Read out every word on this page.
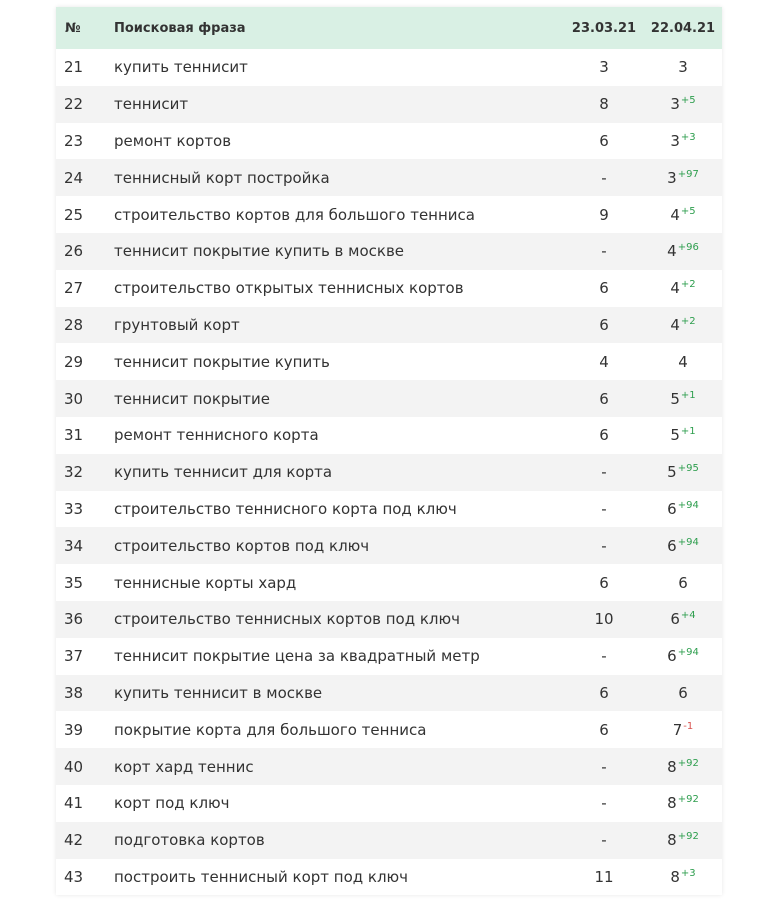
№	Поисковая фраза	23.03.21	22.04.21
21	купить теннисит	3	3
22	теннисит	8	$3^{+5}$
23	ремонт кортов	6	$3^{+3}$
24	теннисный корт постройка	-	$3^{+97}$
25	строительство кортов для большого тенниса	9	$4^{+5}$
26	теннисит покрытие купить в москве	-	$4^{+96}$
27	строительство открытых теннисных кортов	6	$4^{+2}$
28	грунтовый корт	6	$4^{+2}$
29	теннисит покрытие купить	4	4
30	теннисит покрытие	6	$5^{+1}$
31	ремонт теннисного корта	6	$5^{+1}$
32	купить теннисит для корта	-	$5^{+95}$
33	строительство теннисного корта под ключ	-	$6^{+94}$
34	строительство кортов под ключ	-	$6^{+94}$
35	теннисные корты хард	6	6
36	строительство теннисных кортов под ключ	10	$6^{+4}$
37	теннисит покрытие цена за квадратный метр	-	$6^{+94}$
38	купить теннисит в москве	6	6
39	покрытие корта для большого тенниса	6	$7^{-1}$
40	корт хард теннис	-	$8^{+92}$
41	корт под ключ	-	$8^{+92}$
42	подготовка кортов	-	$8^{+92}$
43	построить теннисный корт под ключ	11	$8^{+3}$
